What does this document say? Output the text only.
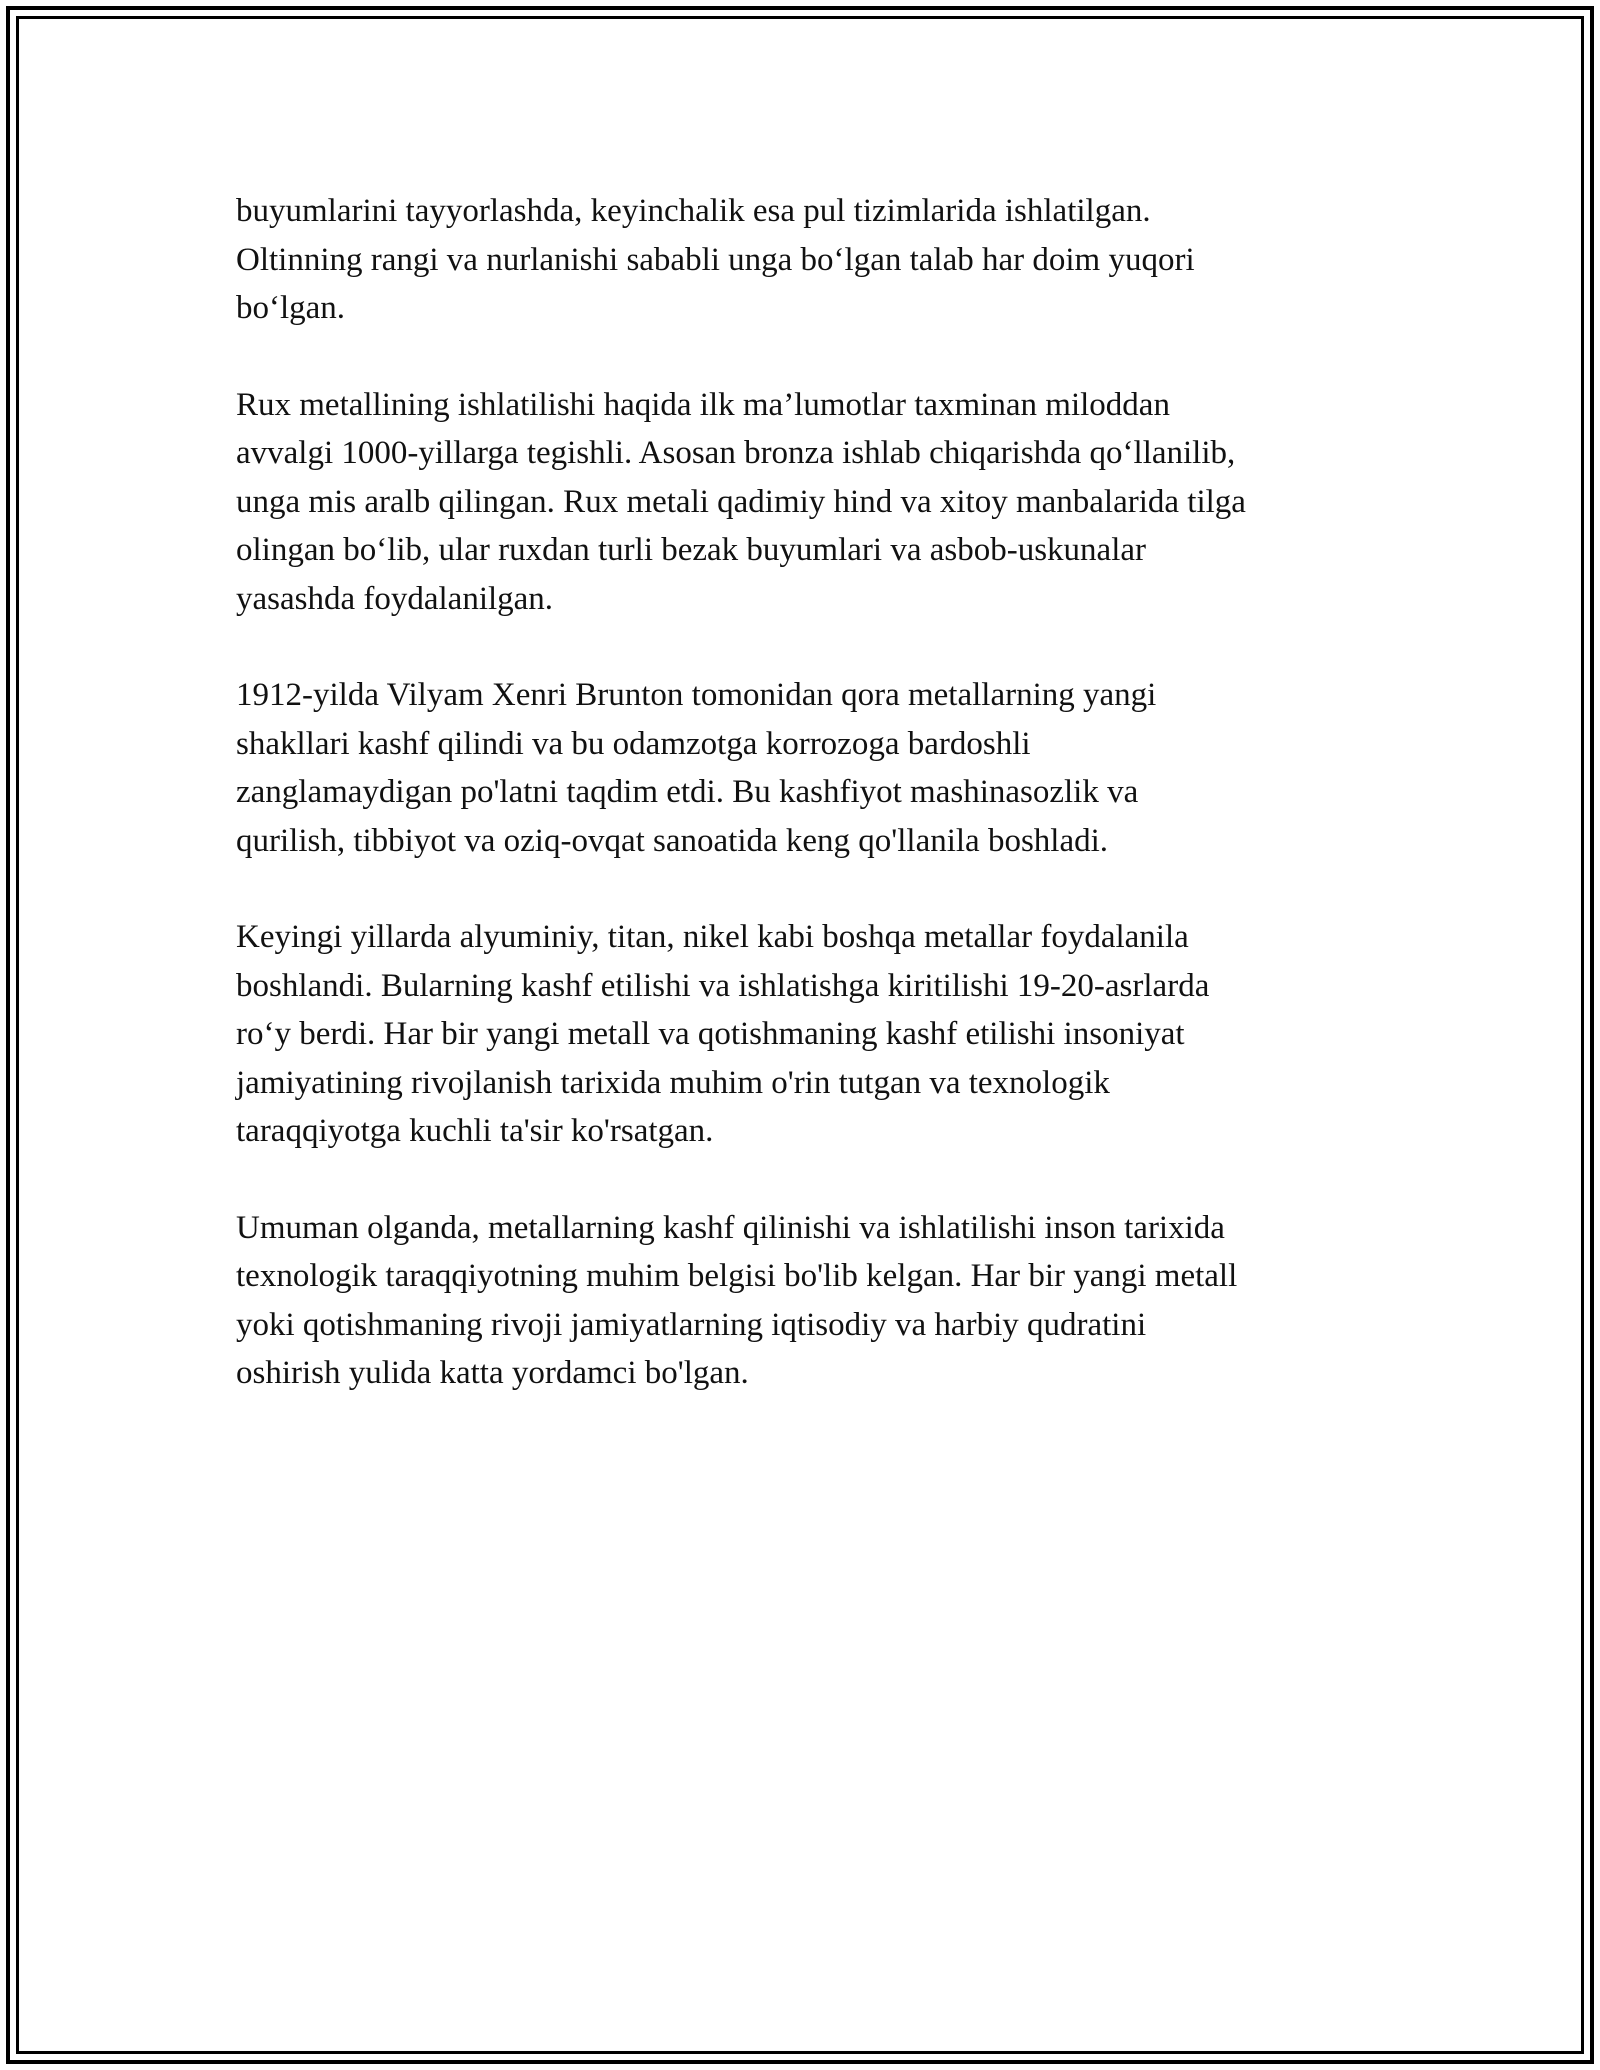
buyumlarini tayyorlashda, keyinchalik esa pul tizimlarida ishlatilgan.
Oltinning rangi va nurlanishi sababli unga bo‘lgan talab har doim yuqori
bo‘lgan.

Rux metallining ishlatilishi haqida ilk ma’lumotlar taxminan miloddan
avvalgi 1000-yillarga tegishli. Asosan bronza ishlab chiqarishda qo‘llanilib,
unga mis aralb qilingan. Rux metali qadimiy hind va xitoy manbalarida tilga
olingan bo‘lib, ular ruxdan turli bezak buyumlari va asbob-uskunalar
yasashda foydalanilgan.

1912-yilda Vilyam Xenri Brunton tomonidan qora metallarning yangi
shakllari kashf qilindi va bu odamzotga korrozoga bardoshli
zanglamaydigan po'latni taqdim etdi. Bu kashfiyot mashinasozlik va
qurilish, tibbiyot va oziq-ovqat sanoatida keng qo'llanila boshladi.

Keyingi yillarda alyuminiy, titan, nikel kabi boshqa metallar foydalanila
boshlandi. Bularning kashf etilishi va ishlatishga kiritilishi 19-20-asrlarda
ro‘y berdi. Har bir yangi metall va qotishmaning kashf etilishi insoniyat
jamiyatining rivojlanish tarixida muhim o'rin tutgan va texnologik
taraqqiyotga kuchli ta'sir ko'rsatgan.

Umuman olganda, metallarning kashf qilinishi va ishlatilishi inson tarixida
texnologik taraqqiyotning muhim belgisi bo'lib kelgan. Har bir yangi metall
yoki qotishmaning rivoji jamiyatlarning iqtisodiy va harbiy qudratini
oshirish yulida katta yordamci bo'lgan.
